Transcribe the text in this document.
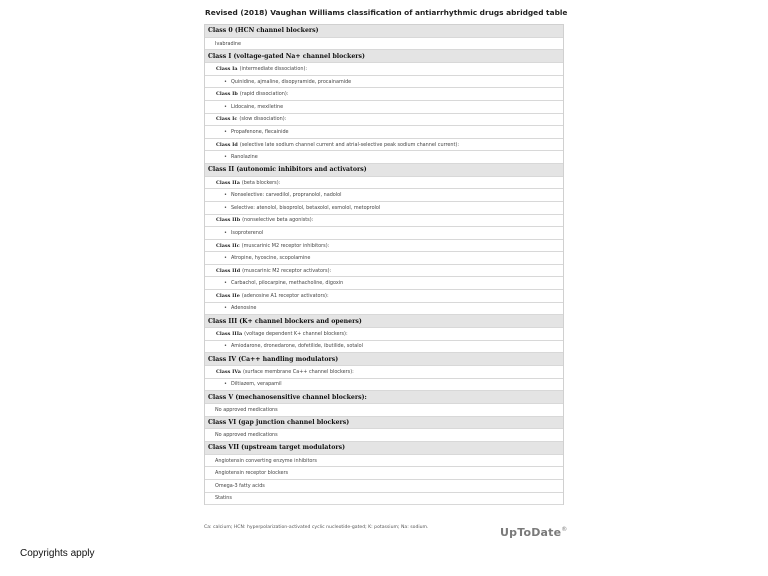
Revised (2018) Vaughan Williams classification of antiarrhythmic drugs abridged table
Class 0 (HCN channel blockers)
Ivabradine
Class I (voltage-gated Na+ channel blockers)
Class Ia (intermediate dissociation):
• Quinidine, ajmaline, disopyramide, procainamide
Class Ib (rapid dissociation):
• Lidocaine, mexiletine
Class Ic (slow dissociation):
• Propafenone, flecainide
Class Id (selective late sodium channel current and atrial-selective peak sodium channel current):
• Ranolazine
Class II (autonomic inhibitors and activators)
Class IIa (beta blockers):
• Nonselective: carvedilol, propranolol, nadolol
• Selective: atenolol, bisoprolol, betaxolol, esmolol, metoprolol
Class IIb (nonselective beta agonists):
• Isoproterenol
Class IIc (muscarinic M2 receptor inhibitors):
• Atropine, hyoscine, scopolamine
Class IId (muscarinic M2 receptor activators):
• Carbachol, pilocarpine, methacholine, digoxin
Class IIe (adenosine A1 receptor activators):
• Adenosine
Class III (K+ channel blockers and openers)
Class IIIa (voltage dependent K+ channel blockers):
• Amiodarone, dronedarone, dofetilide, ibutilide, sotalol
Class IV (Ca++ handling modulators)
Class IVa (surface membrane Ca++ channel blockers):
• Diltiazem, verapamil
Class V (mechanosensitive channel blockers):
No approved medications
Class VI (gap junction channel blockers)
No approved medications
Class VII (upstream target modulators)
Angiotensin converting enzyme inhibitors
Angiotensin receptor blockers
Omega-3 fatty acids
Statins
Ca: calcium; HCN: hyperpolarization-activated cyclic nucleotide-gated; K: potassium; Na: sodium.	UpToDate®
Copyrights apply
